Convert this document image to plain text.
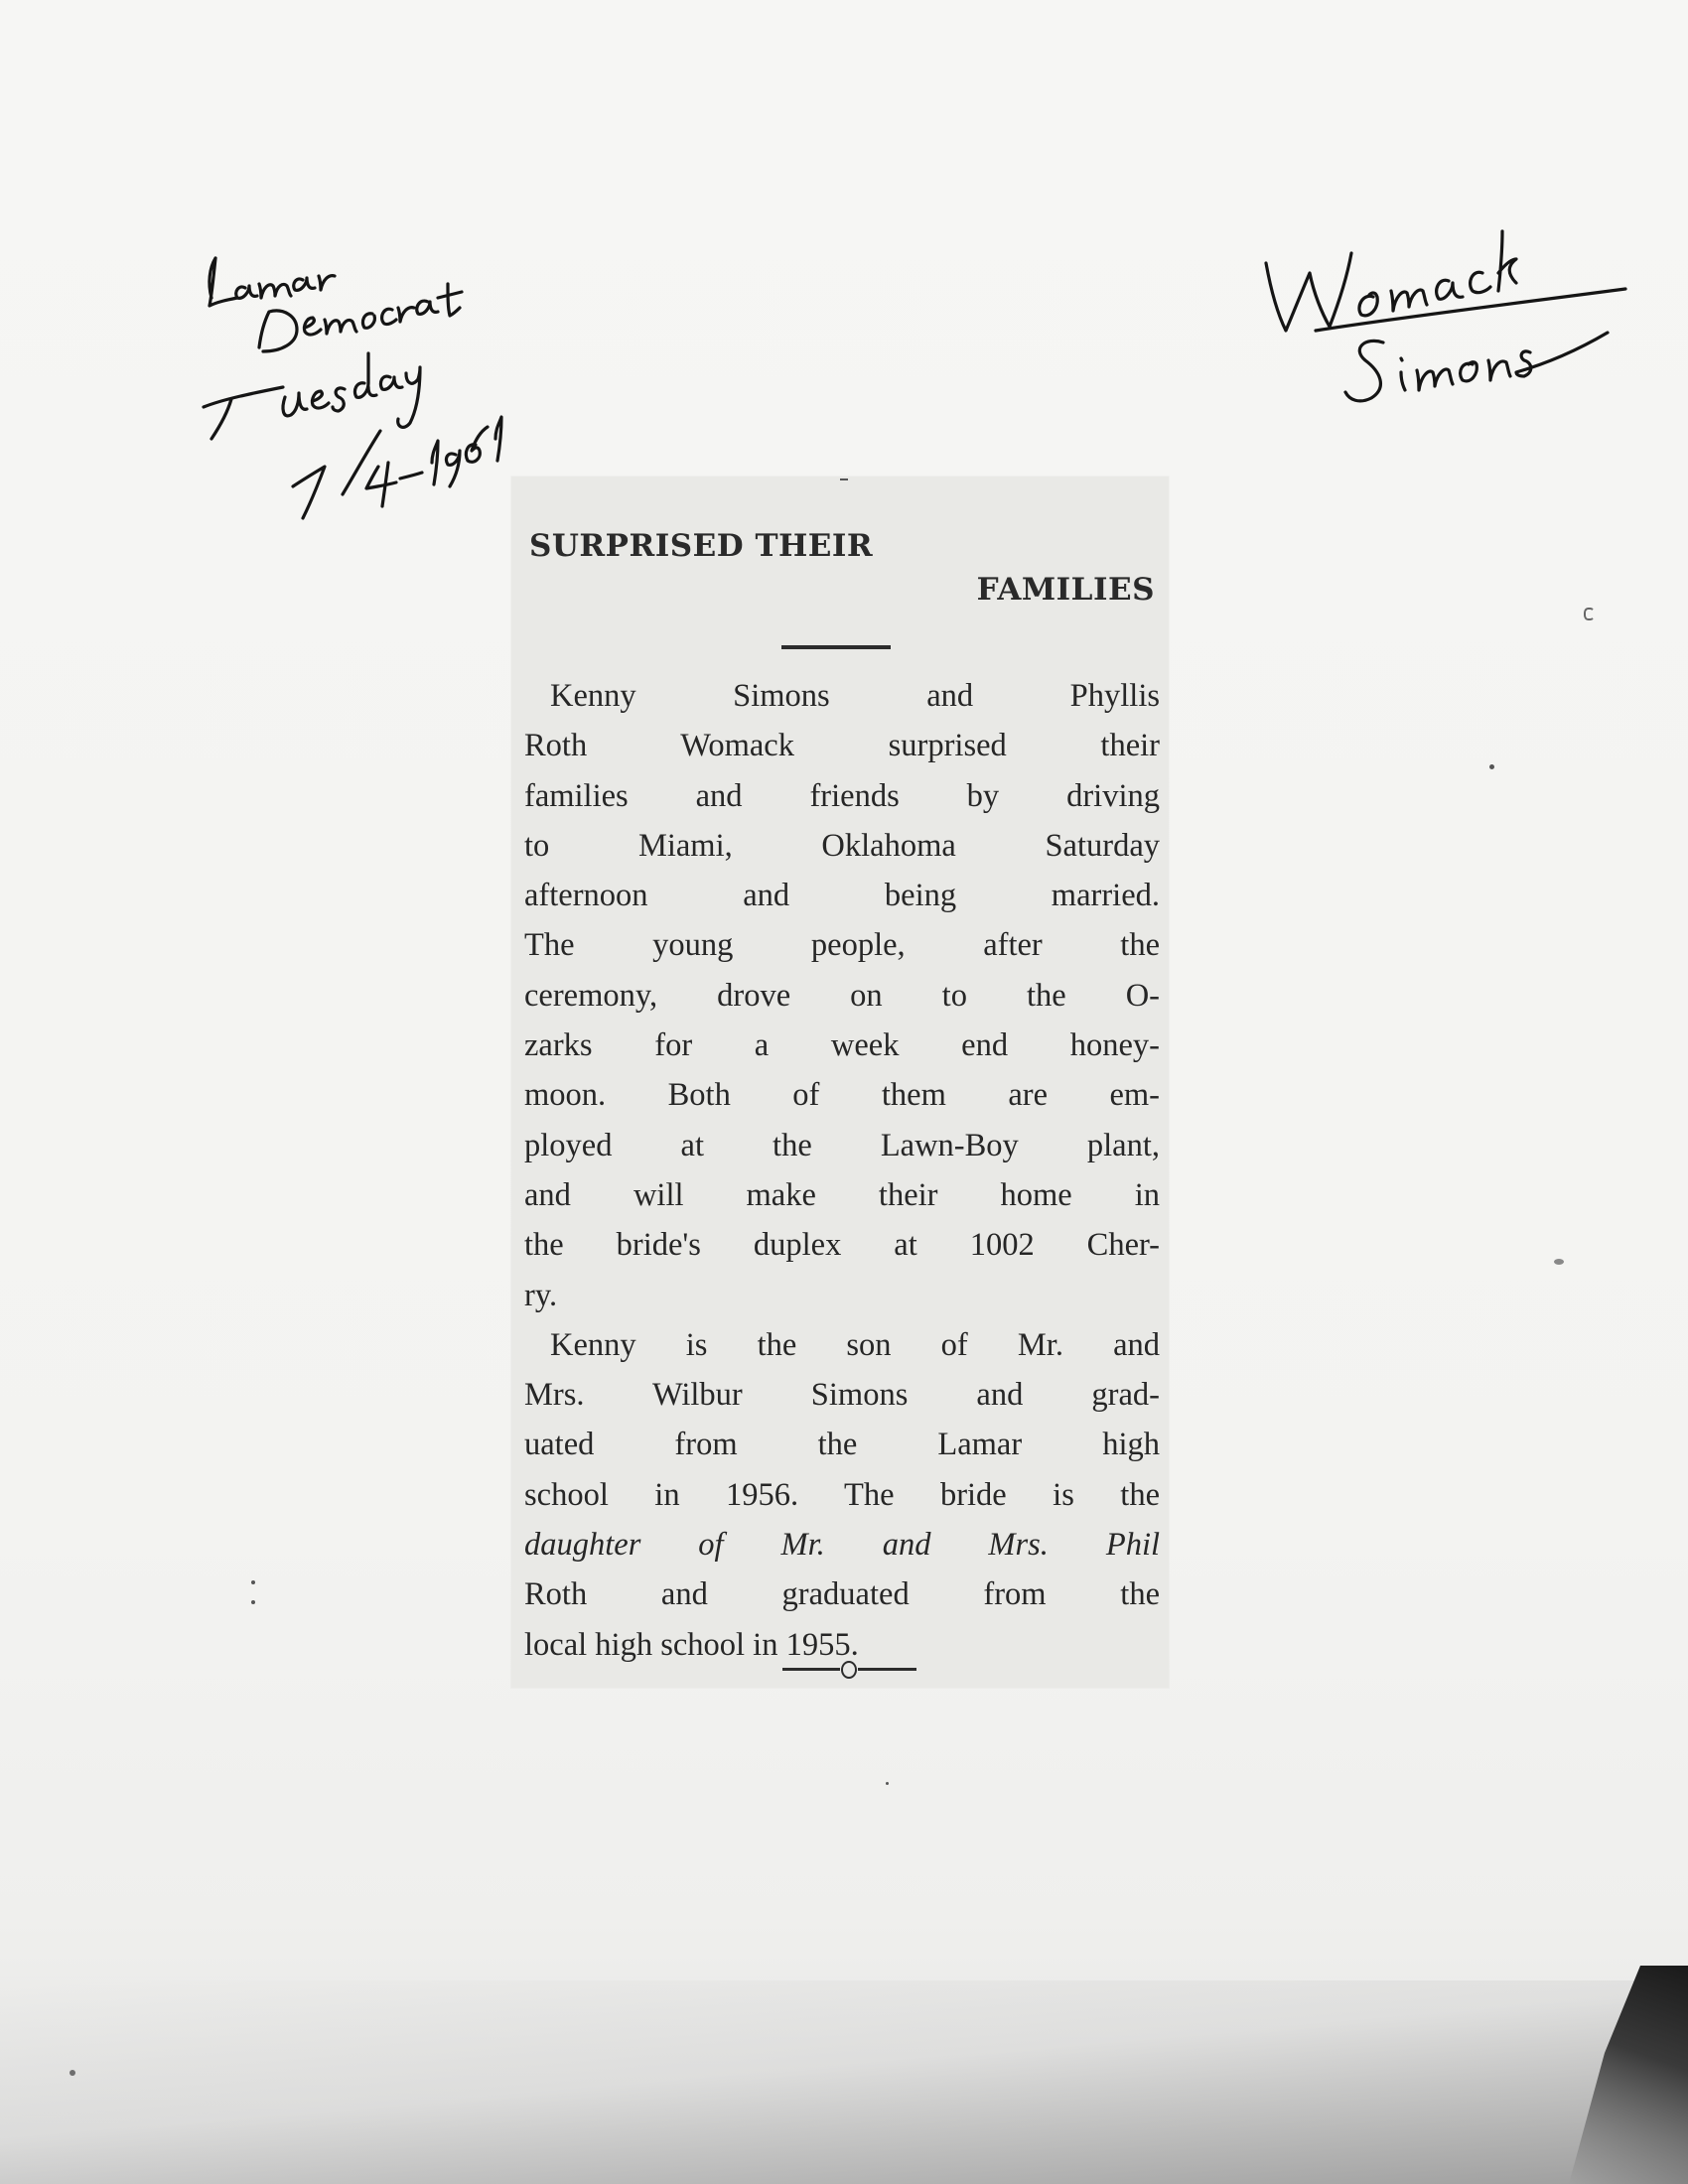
SURPRISED THEIR
FAMILIES
Kenny Simons and Phyllis
Roth Womack surprised their
families and friends by driving
to Miami, Oklahoma Saturday
afternoon and being married.
The young people, after the
ceremony, drove on to the O-
zarks for a week end honey-
moon. Both of them are em-
ployed at the Lawn-Boy plant,
and will make their home in
the bride's duplex at 1002 Cher-
ry.
Kenny is the son of Mr. and
Mrs. Wilbur Simons and grad-
uated from the Lamar high
school in 1956. The bride is the
daughter of Mr. and Mrs. Phil
Roth and graduated from the
local high school in 1955.
